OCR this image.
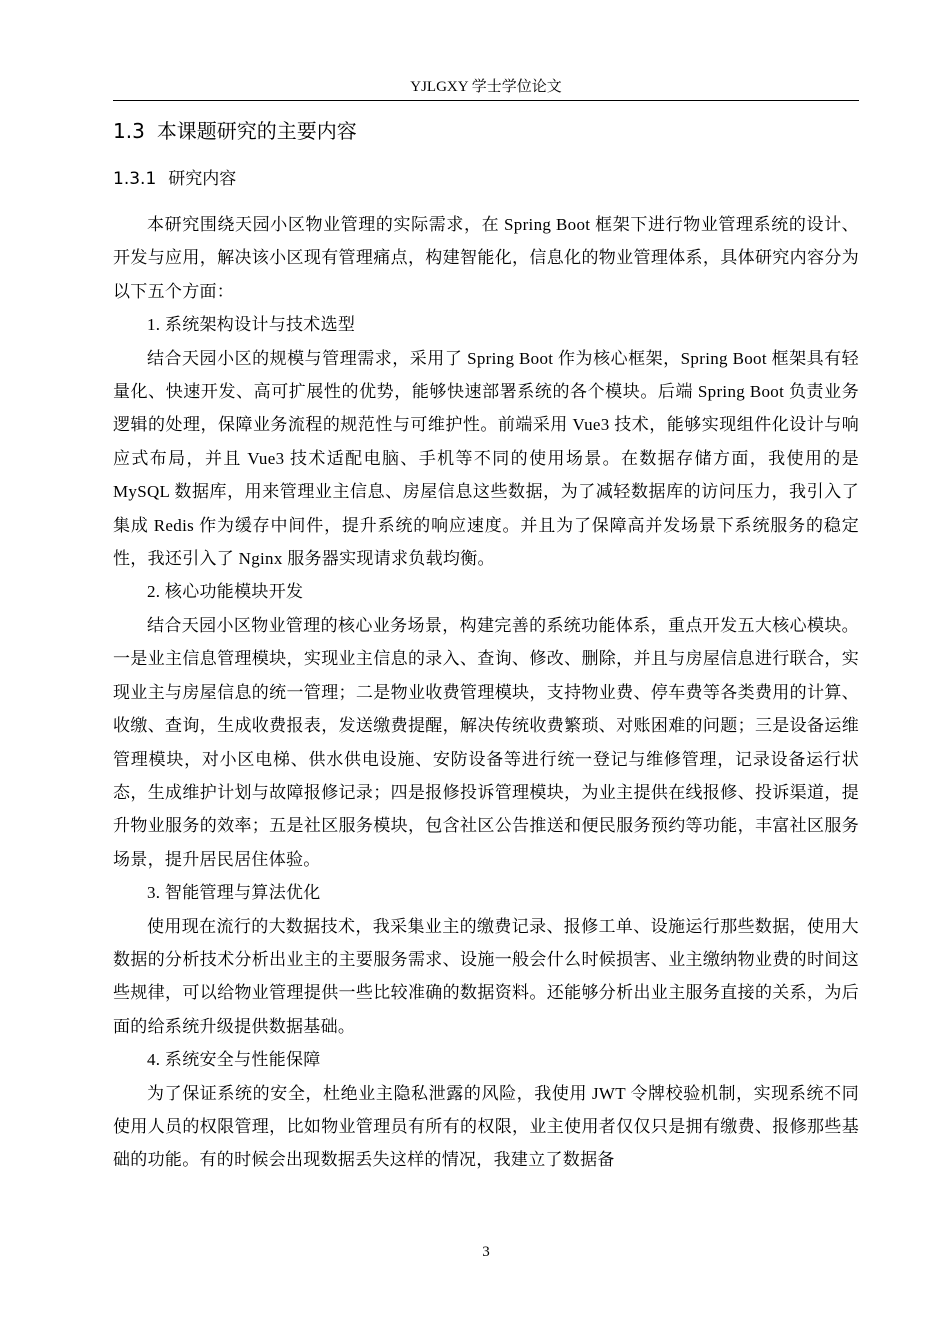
YJLGXY 学士学位论文
1.3 本课题研究的主要内容
1.3.1 研究内容

本研究围绕天园小区物业管理的实际需求，在 Spring Boot 框架下进行物业管理系统的设计、开发与应用，解决该小区现有管理痛点，构建智能化，信息化的物业管理体系，具体研究内容分为以下五个方面：

1. 系统架构设计与技术选型

结合天园小区的规模与管理需求，采用了 Spring Boot 作为核心框架，Spring Boot 框架具有轻量化、快速开发、高可扩展性的优势，能够快速部署系统的各个模块。后端 Spring Boot 负责业务逻辑的处理，保障业务流程的规范性与可维护性。前端采用 Vue3 技术，能够实现组件化设计与响应式布局，并且 Vue3 技术适配电脑、手机等不同的使用场景。在数据存储方面，我使用的是 MySQL 数据库，用来管理业主信息、房屋信息这些数据，为了减轻数据库的访问压力，我引入了集成 Redis 作为缓存中间件，提升系统的响应速度。并且为了保障高并发场景下系统服务的稳定性，我还引入了 Nginx 服务器实现请求负载均衡。

2. 核心功能模块开发

结合天园小区物业管理的核心业务场景，构建完善的系统功能体系，重点开发五大核心模块。一是业主信息管理模块，实现业主信息的录入、查询、修改、删除，并且与房屋信息进行联合，实现业主与房屋信息的统一管理；二是物业收费管理模块，支持物业费、停车费等各类费用的计算、收缴、查询，生成收费报表，发送缴费提醒，解决传统收费繁琐、对账困难的问题；三是设备运维管理模块，对小区电梯、供水供电设施、安防设备等进行统一登记与维修管理，记录设备运行状态，生成维护计划与故障报修记录；四是报修投诉管理模块，为业主提供在线报修、投诉渠道，提升物业服务的效率；五是社区服务模块，包含社区公告推送和便民服务预约等功能，丰富社区服务场景，提升居民居住体验。

3. 智能管理与算法优化

使用现在流行的大数据技术，我采集业主的缴费记录、报修工单、设施运行那些数据，使用大数据的分析技术分析出业主的主要服务需求、设施一般会什么时候损害、业主缴纳物业费的时间这些规律，可以给物业管理提供一些比较准确的数据资料。还能够分析出业主服务直接的关系，为后面的给系统升级提供数据基础。

4. 系统安全与性能保障

为了保证系统的安全，杜绝业主隐私泄露的风险，我使用 JWT 令牌校验机制，实现系统不同使用人员的权限管理，比如物业管理员有所有的权限，业主使用者仅仅只是拥有缴费、报修那些基础的功能。有的时候会出现数据丢失这样的情况，我建立了数据备

3
